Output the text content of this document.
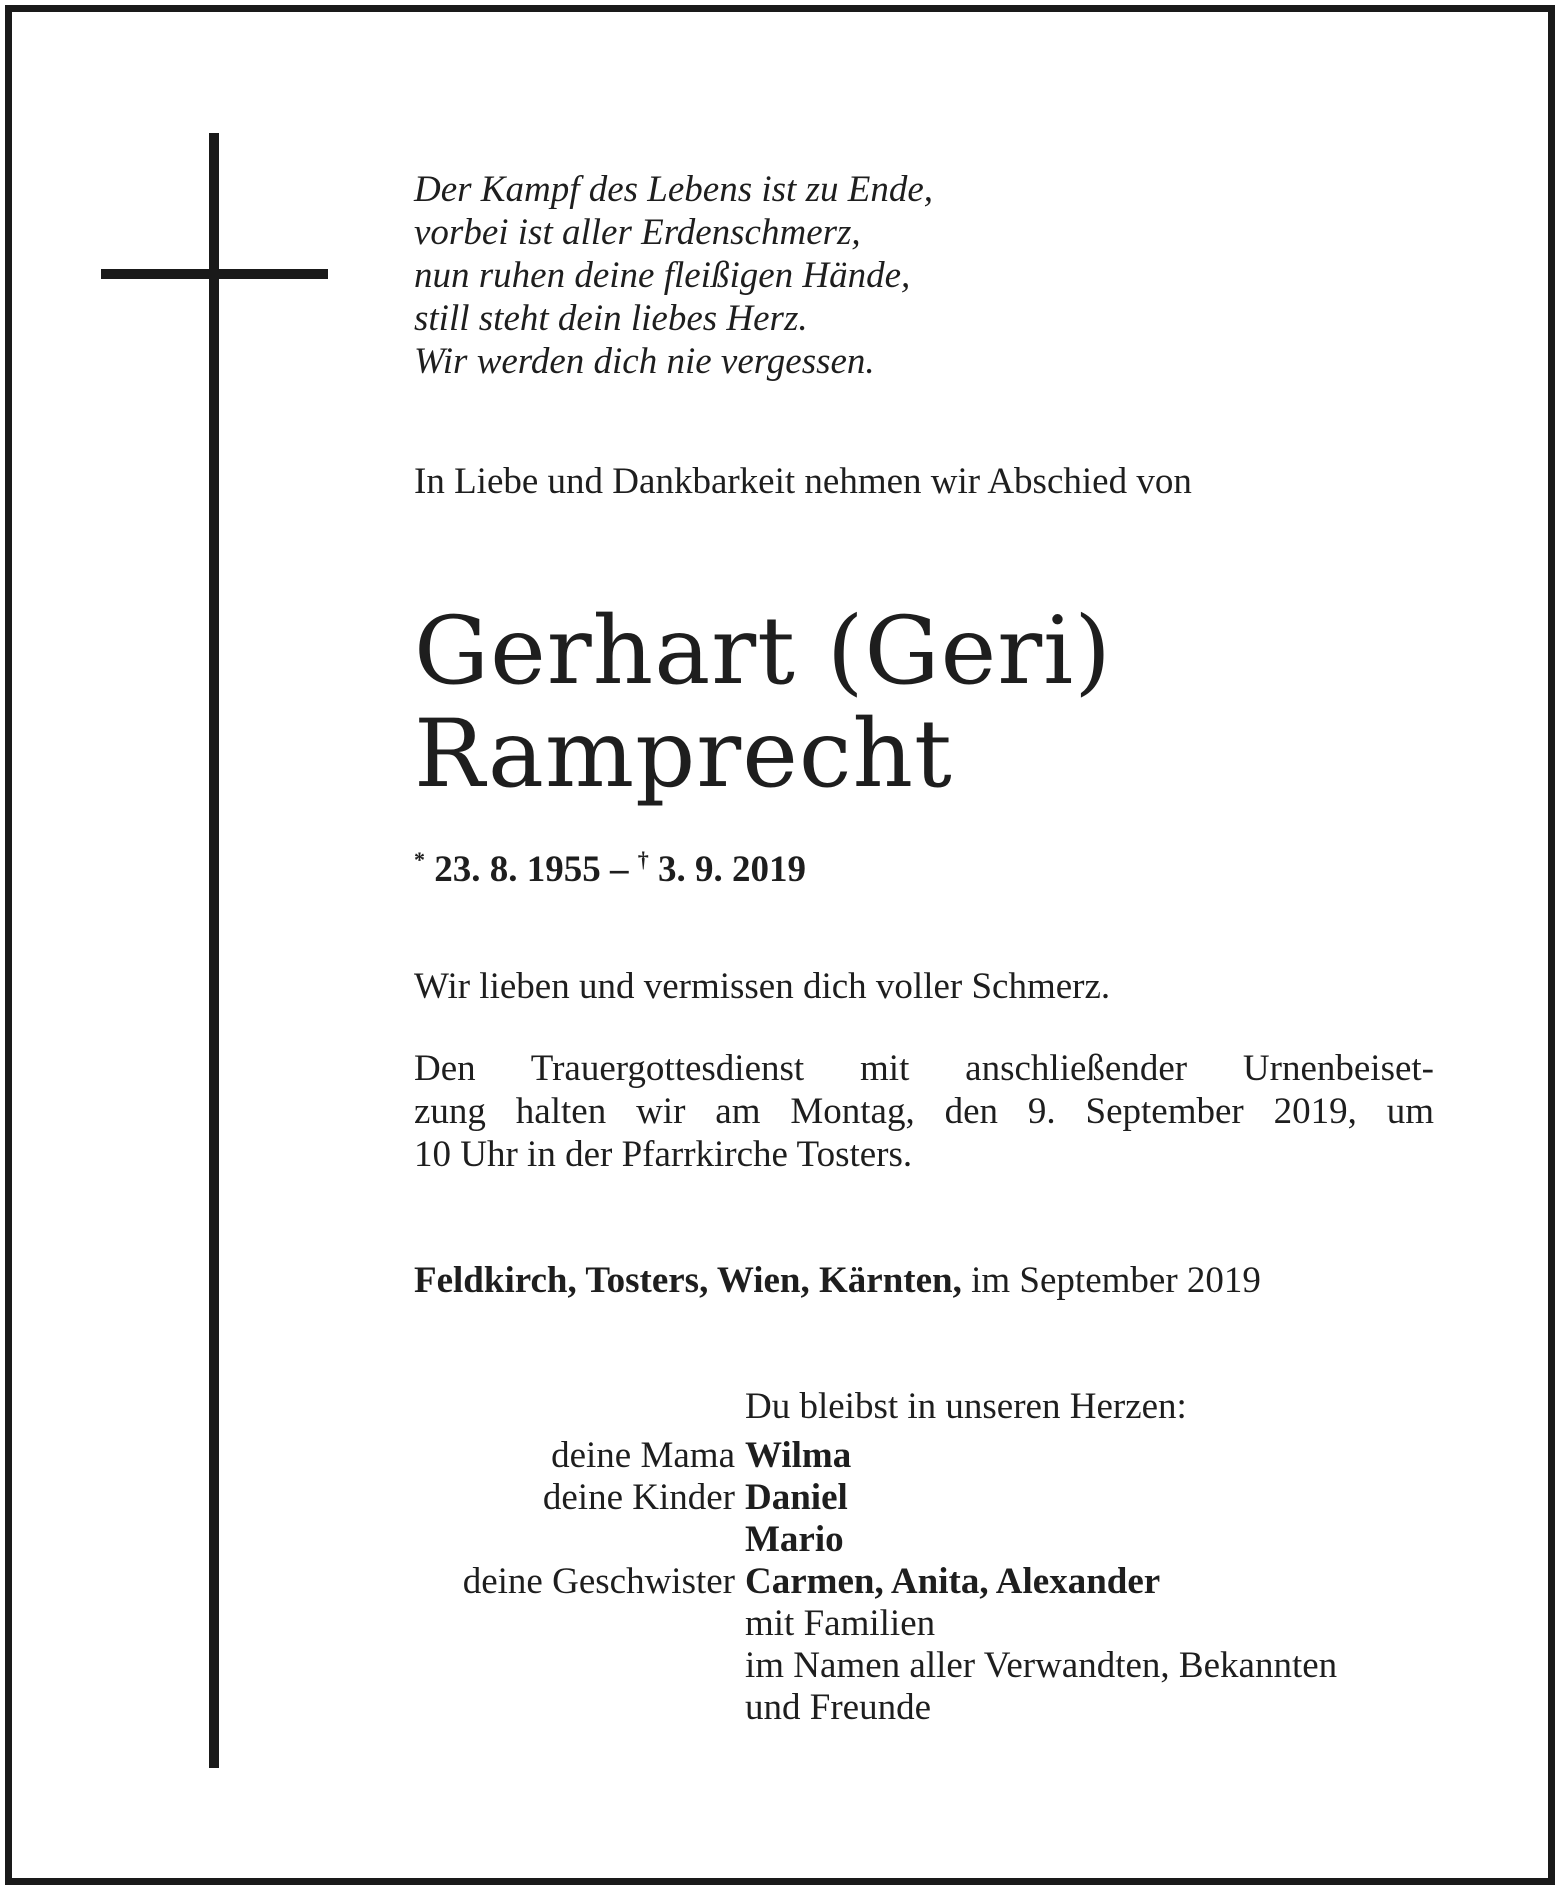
Der Kampf des Lebens ist zu Ende,
vorbei ist aller Erdenschmerz,
nun ruhen deine fleißigen Hände,
still steht dein liebes Herz.
Wir werden dich nie vergessen.
In Liebe und Dankbarkeit nehmen wir Abschied von
Gerhart (Geri)
Ramprecht
* 23. 8. 1955 – † 3. 9. 2019
Wir lieben und vermissen dich voller Schmerz.
Den Trauergottesdienst mit anschließender Urnenbeiset-
zung halten wir am Montag, den 9. September 2019, um
10 Uhr in der Pfarrkirche Tosters.
Feldkirch, Tosters, Wien, Kärnten, im September 2019
Du bleibst in unseren Herzen:
deine Mama Wilma
deine Kinder Daniel
Mario
deine Geschwister Carmen, Anita, Alexander
mit Familien
im Namen aller Verwandten, Bekannten
und Freunde
